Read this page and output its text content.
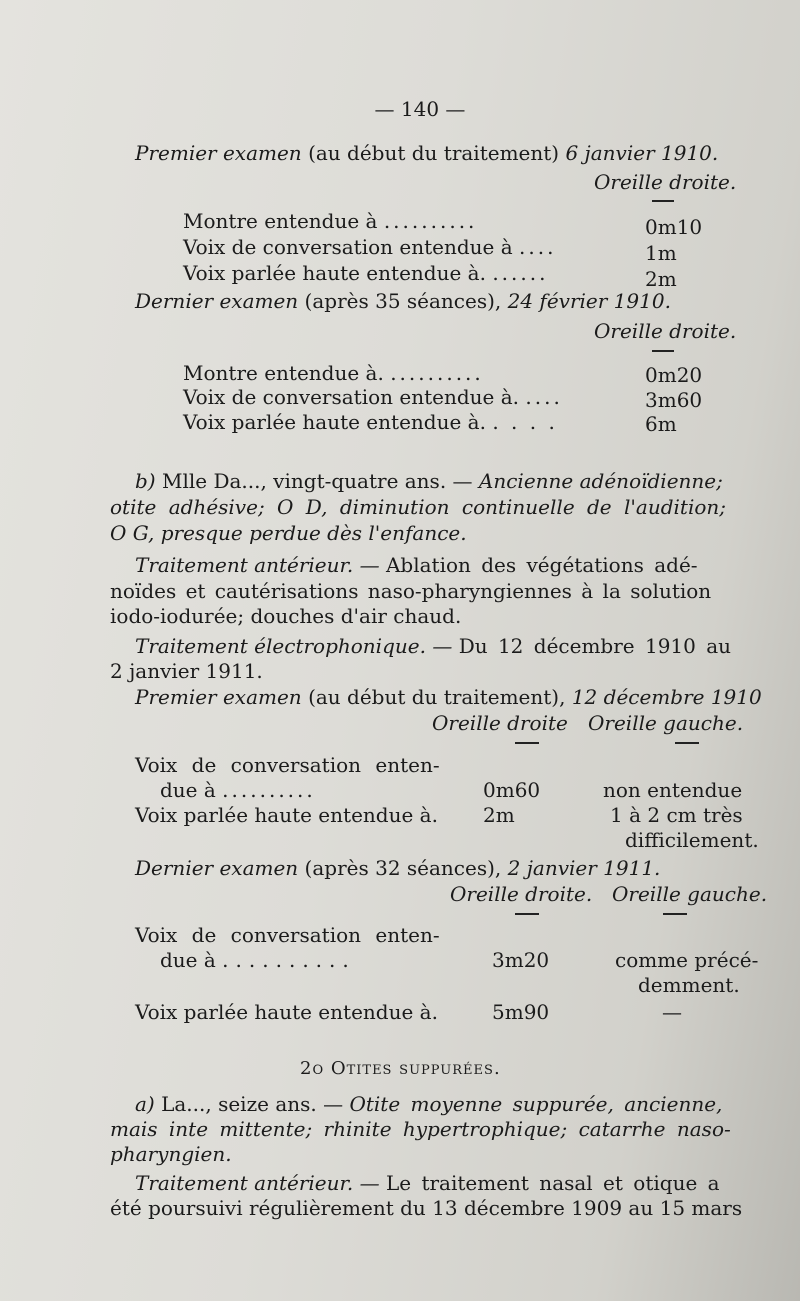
— 140 —
Premier examen (au début du traitement) 6 janvier 1910.
Oreille droite.
Montre entendue à ..........	0m10
Voix de conversation entendue à ....	1m
Voix parlée haute entendue à. ......	2m
Dernier examen (après 35 séances), 24 février 1910.
Oreille droite.
Montre entendue à. ..........	0m20
Voix de conversation entendue à. ....	3m60
Voix parlée haute entendue à. . . . .	6m
b) Mlle Da..., vingt-quatre ans. — Ancienne adénoïdienne;
otite adhésive; O D, diminution continuelle de l'audition;
O G, presque perdue dès l'enfance.
Traitement antérieur. — Ablation des végétations adé-
noïdes et cautérisations naso-pharyngiennes à la solution
iodo-iodurée; douches d'air chaud.
Traitement électrophonique. — Du 12 décembre 1910 au
2 janvier 1911.
Premier examen (au début du traitement), 12 décembre 1910
Oreille droite	Oreille gauche.
Voix de conversation enten-
due à ..........	0m60	non entendue
Voix parlée haute entendue à.	2m	1 à 2 cm très
difficilement.
Dernier examen (après 32 séances), 2 janvier 1911.
Oreille droite. Oreille gauche.
Voix de conversation enten-
due à ..........	3m20	comme précé-
demment.
Voix parlée haute entendue à.	5m90	—
2o Otites suppurées.
a) La..., seize ans. — Otite moyenne suppurée, ancienne,
mais inte mittente; rhinite hypertrophique; catarrhe naso-
pharyngien.
Traitement antérieur. — Le traitement nasal et otique a
été poursuivi régulièrement du 13 décembre 1909 au 15 mars
